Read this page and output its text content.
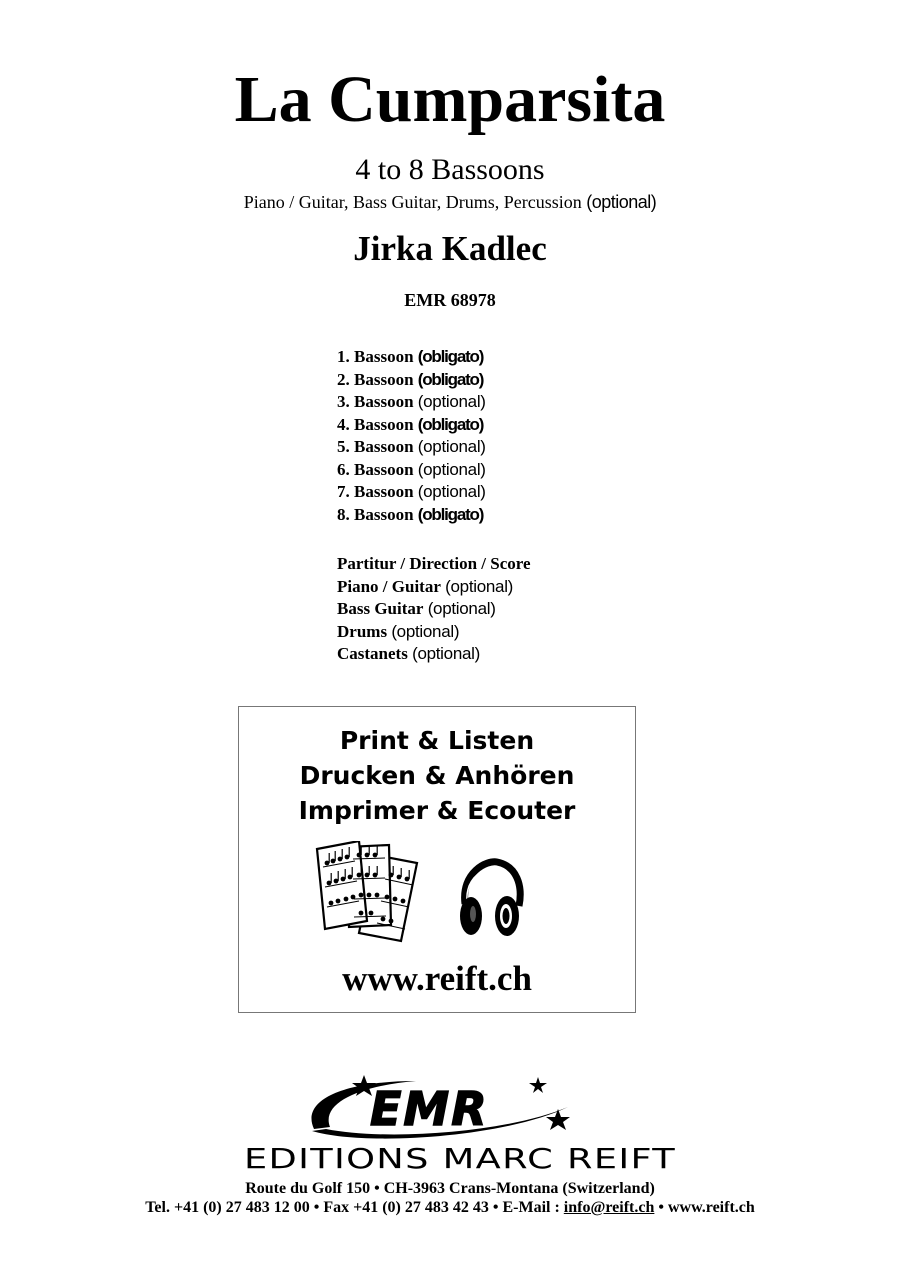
La Cumparsita
4 to 8 Bassoons
Piano / Guitar, Bass Guitar, Drums, Percussion (optional)
Jirka Kadlec
EMR 68978
1. Bassoon (obligato)
2. Bassoon (obligato)
3. Bassoon (optional)
4. Bassoon (obligato)
5. Bassoon (optional)
6. Bassoon (optional)
7. Bassoon (optional)
8. Bassoon (obligato)
Partitur / Direction / Score
Piano / Guitar (optional)
Bass Guitar (optional)
Drums (optional)
Castanets (optional)
Print & Listen
Drucken & Anhören
Imprimer & Ecouter
www.reift.ch
EMR
EDITIONS MARC REIFT
Route du Golf 150 • CH-3963 Crans-Montana (Switzerland)
Tel. +41 (0) 27 483 12 00 • Fax +41 (0) 27 483 42 43 • E-Mail : info@reift.ch • www.reift.ch
